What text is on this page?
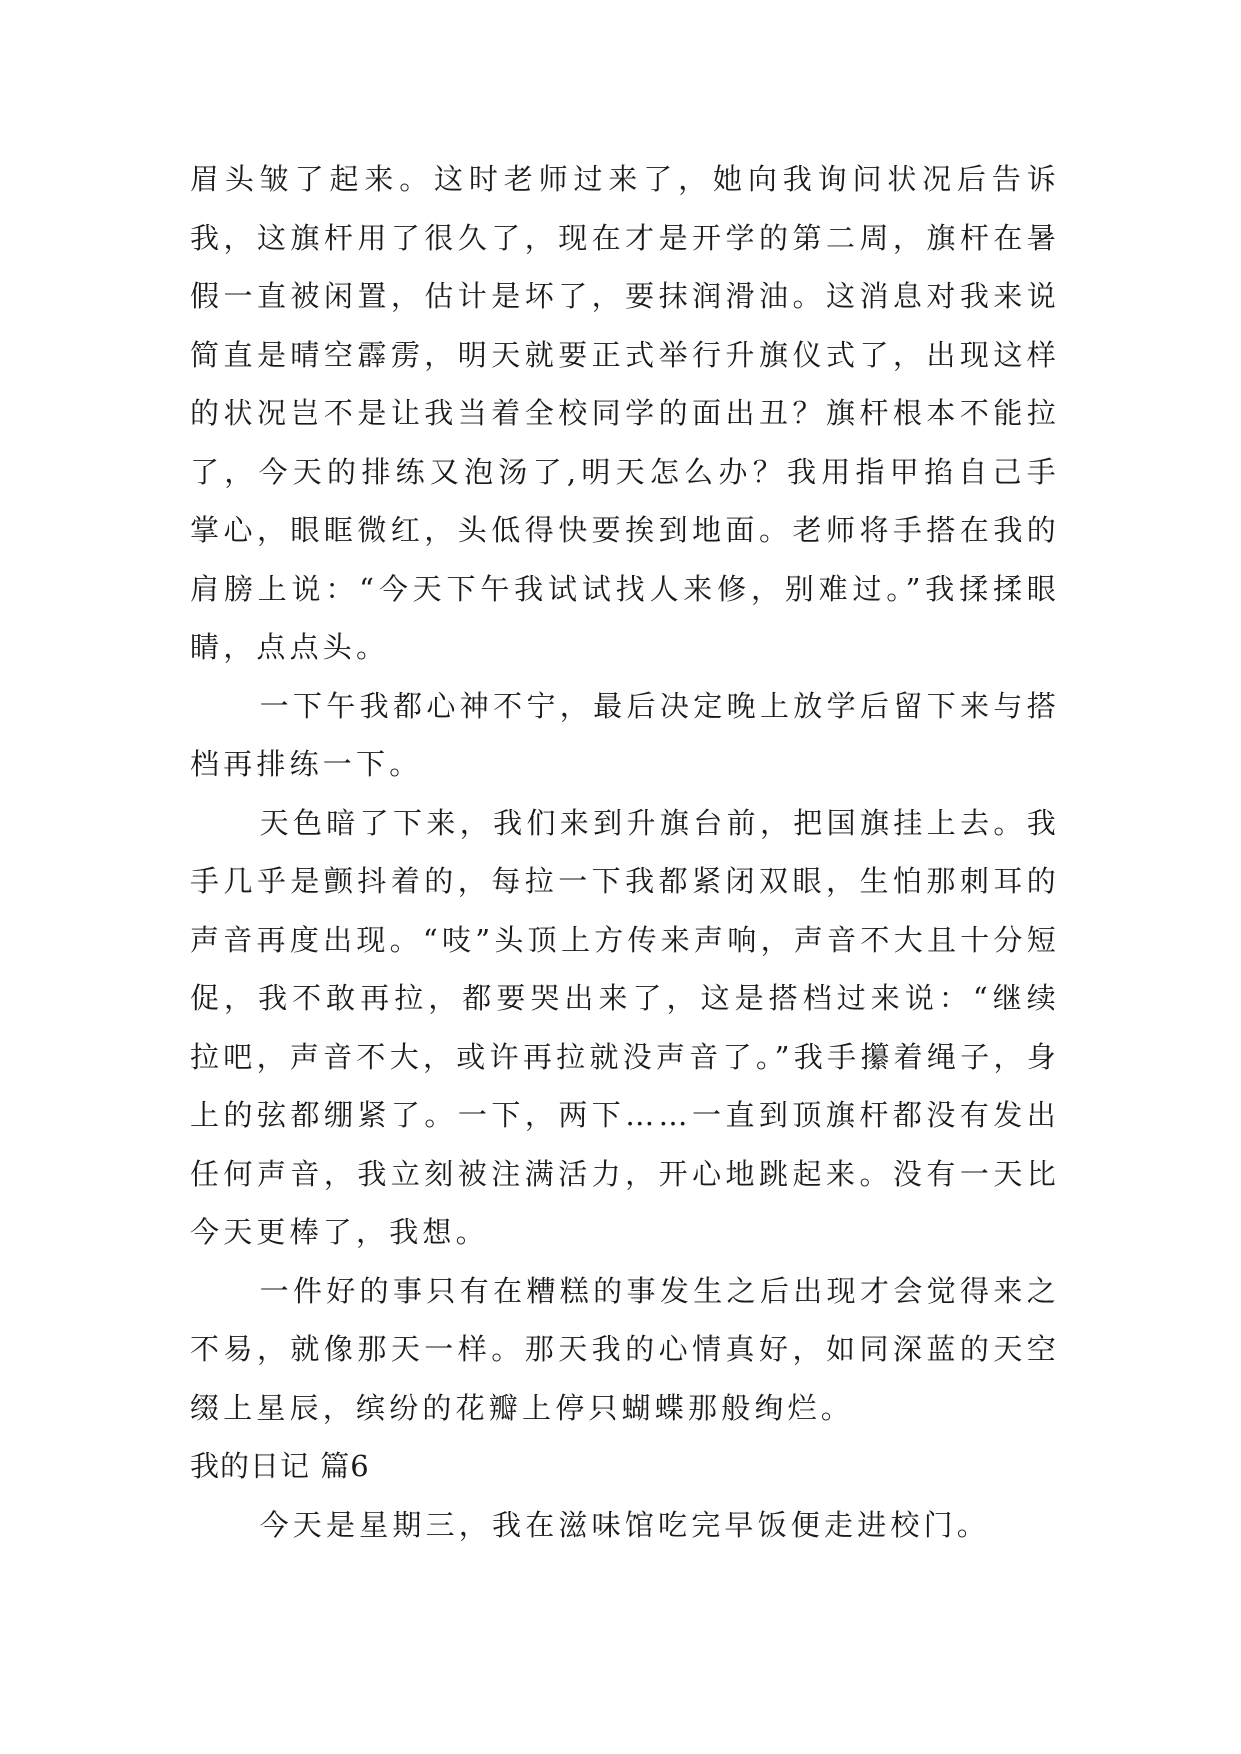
眉头皱了起来。这时老师过来了，她向我询问状况后告诉我，这旗杆用了很久了，现在才是开学的第二周，旗杆在暑假一直被闲置，估计是坏了，要抹润滑油。这消息对我来说简直是晴空霹雳，明天就要正式举行升旗仪式了，出现这样的状况岂不是让我当着全校同学的面出丑？旗杆根本不能拉了，今天的排练又泡汤了,明天怎么办？我用指甲掐自己手掌心，眼眶微红，头低得快要挨到地面。老师将手搭在我的肩膀上说：“今天下午我试试找人来修，别难过。”我揉揉眼睛，点点头。

一下午我都心神不宁，最后决定晚上放学后留下来与搭档再排练一下。

天色暗了下来，我们来到升旗台前，把国旗挂上去。我手几乎是颤抖着的，每拉一下我都紧闭双眼，生怕那刺耳的声音再度出现。“吱”头顶上方传来声响，声音不大且十分短促，我不敢再拉，都要哭出来了，这是搭档过来说：“继续拉吧，声音不大，或许再拉就没声音了。”我手攥着绳子，身上的弦都绷紧了。一下，两下……一直到顶旗杆都没有发出任何声音，我立刻被注满活力，开心地跳起来。没有一天比今天更棒了，我想。

一件好的事只有在糟糕的事发生之后出现才会觉得来之不易，就像那天一样。那天我的心情真好，如同深蓝的天空缀上星辰，缤纷的花瓣上停只蝴蝶那般绚烂。

我的日记 篇6

今天是星期三，我在滋味馆吃完早饭便走进校门。
